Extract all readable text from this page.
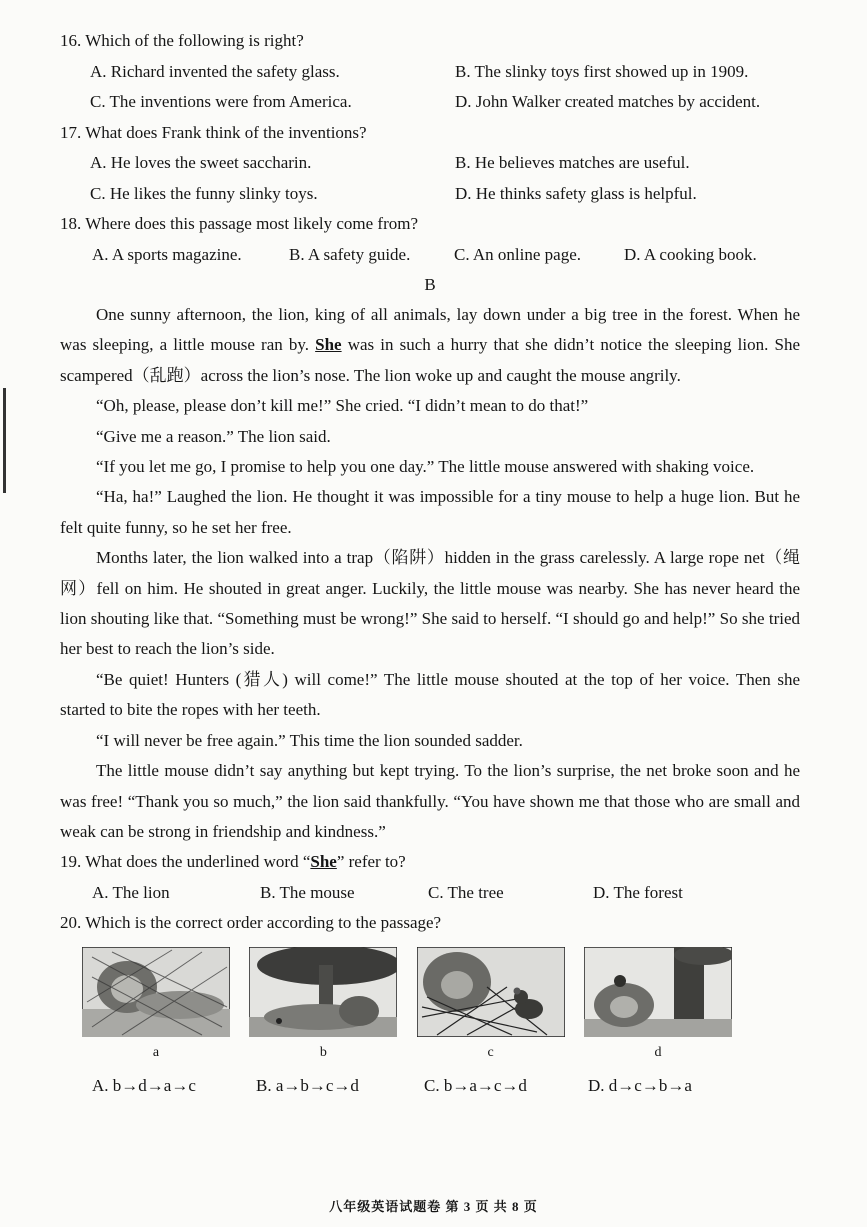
16. Which of the following is right?
A. Richard invented the safety glass.	B. The slinky toys first showed up in 1909.
C. The inventions were from America.	D. John Walker created matches by accident.
17. What does Frank think of the inventions?
A. He loves the sweet saccharin.	B. He believes matches are useful.
C. He likes the funny slinky toys.	D. He thinks safety glass is helpful.
18. Where does this passage most likely come from?
A. A sports magazine.	B. A safety guide.	C. An online page.	D. A cooking book.
B

One sunny afternoon, the lion, king of all animals, lay down under a big tree in the forest. When he was sleeping, a little mouse ran by. She was in such a hurry that she didn’t notice the sleeping lion. She scampered（乱跑）across the lion’s nose. The lion woke up and caught the mouse angrily.

“Oh, please, please don’t kill me!” She cried. “I didn’t mean to do that!”

“Give me a reason.” The lion said.

“If you let me go, I promise to help you one day.” The little mouse answered with shaking voice.

“Ha, ha!” Laughed the lion. He thought it was impossible for a tiny mouse to help a huge lion. But he felt quite funny, so he set her free.

Months later, the lion walked into a trap（陷阱）hidden in the grass carelessly. A large rope net（绳网）fell on him. He shouted in great anger. Luckily, the little mouse was nearby. She has never heard the lion shouting like that. “Something must be wrong!” She said to herself. “I should go and help!” So she tried her best to reach the lion’s side.

“Be quiet! Hunters (猎人) will come!” The little mouse shouted at the top of her voice. Then she started to bite the ropes with her teeth.

“I will never be free again.” This time the lion sounded sadder.

The little mouse didn’t say anything but kept trying. To the lion’s surprise, the net broke soon and he was free! “Thank you so much,” the lion said thankfully. “You have shown me that those who are small and weak can be strong in friendship and kindness.”

19. What does the underlined word “She” refer to?
A. The lion	B. The mouse	C. The tree	D. The forest
20. Which is the correct order according to the passage?
a	b	c	d
A. b→d→a→c	B. a→b→c→d	C. b→a→c→d	D. d→c→b→a
八年级英语试题卷 第 3 页 共 8 页
